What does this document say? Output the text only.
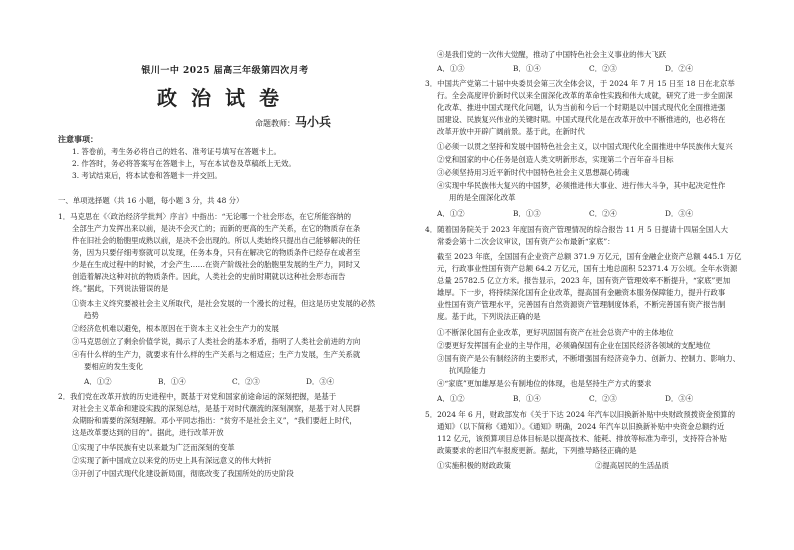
银川一中 2025 届高三年级第四次月考
政治试卷
命题教师：马小兵
注意事项：
1. 答卷前，考生务必将自己的姓名、准考证号填写在答题卡上。
2. 作答时，务必将答案写在答题卡上，写在本试卷及草稿纸上无效。
3. 考试结束后，将本试卷和答题卡一并交回。
一、单项选择题（共 16 小题，每小题 3 分，共 48 分）
1．马克思在《〈政治经济学批判〉序言》中指出：“无论哪一个社会形态，在它所能容纳的
全部生产力发挥出来以前，是决不会灭亡的；而新的更高的生产关系，在它的物质存在条
件在旧社会的胎胞里成熟以前，是决不会出现的。所以人类始终只提出自己能够解决的任
务，因为只要仔细考察就可以发现，任务本身，只有在解决它的物质条件已经存在或者至
少是在生成过程中的时候，才会产生……在资产阶级社会的胎胞里发展的生产力，同时又
创造着解决这种对抗的物质条件。因此，人类社会的史前时期就以这种社会形态而告
终。”据此，下列说法错误的是
①资本主义终究要被社会主义所取代，是社会发展的一个漫长的过程，但这是历史发展的必然
趋势
②经济危机难以避免，根本原因在于资本主义社会生产力的发展
③马克思创立了剩余价值学说，揭示了人类社会的基本矛盾，指明了人类社会前进的方向
④有什么样的生产力，就要求有什么样的生产关系与之相适应；生产力发展，生产关系就
要相应的发生变化
A．①②	B．①④	C．②③	D．③④
2．我们党在改革开放的历史进程中，既基于对党和国家前途命运的深刻把握，是基于
对社会主义革命和建设实践的深刻总结，是基于对时代潮流的深刻洞察，是基于对人民群
众期盼和需要的深刻理解。邓小平同志指出：“贫穷不是社会主义”，“我们要赶上时代，
这是改革要达到的目的”。据此，进行改革开放
①实现了中华民族有史以来最为广泛而深刻的变革
②实现了新中国成立以来党的历史上具有深远意义的伟大转折
③开创了中国式现代化建设新局面，彻底改变了我国所处的历史阶段
④是我们党的一次伟大觉醒，推动了中国特色社会主义事业的伟大飞跃
A．①③	B．①④	C．②③	D．②④
3．中国共产党第二十届中央委员会第三次全体会议，于 2024 年 7 月 15 日至 18 日在北京举
行。全会高度评价新时代以来全面深化改革的革命性实践和伟大成就，研究了进一步全面深
化改革、推进中国式现代化问题，认为当前和今后一个时期是以中国式现代化全面推进强
国建设、民族复兴伟业的关键时期。中国式现代化是在改革开放中不断推进的，也必将在
改革开放中开辟广阔前景。基于此，在新时代
①必须一以贯之坚持和发展中国特色社会主义，以中国式现代化全面推进中华民族伟大复兴
②党和国家的中心任务是创造人类文明新形态，实现第二个百年奋斗目标
③必须坚持用习近平新时代中国特色社会主义思想凝心铸魂
④实现中华民族伟大复兴的中国梦，必须推进伟大事业、进行伟大斗争，其中起决定性作
用的是全面深化改革
A．①②	B．①③	C．②④	D．③④
4．随着国务院关于 2023 年度国有资产管理情况的综合报告 11 月 5 日提请十四届全国人大
常委会第十二次会议审议，国有资产公布最新“家底”：
截至 2023 年底，全国国有企业资产总额 371.9 万亿元，国有金融企业资产总额 445.1 万亿
元，行政事业性国有资产总额 64.2 万亿元，国有土地总面积 52371.4 万公顷。全年水资源
总量 25782.5 亿立方米。报告显示，2023 年，国有资产管理效率不断提升，“家底”更加
雄厚。下一步，将持续深化国有企业改革，提高国有金融资本服务保障能力，提升行政事
业性国有资产管理水平，完善国有自然资源资产管理制度体系，不断完善国有资产报告制
度。基于此，下列说法正确的是
①不断深化国有企业改革，更好巩固国有资产在社会总资产中的主体地位
②要更好发挥国有企业的主导作用，必须确保国有企业在国民经济各领域的支配地位
③国有资产是公有制经济的主要形式，不断增强国有经济竞争力、创新力、控制力、影响力、
抗风险能力
④“家底”更加雄厚是公有制地位的体现，也是坚持生产方式的要求
A．①②	B．①④	C．②③	D．③④
5．2024 年 6 月，财政部发布《关于下达 2024 年汽车以旧换新补贴中央财政预拨资金预算的
通知》（以下简称《通知》）。《通知》明确，2024 年汽车以旧换新补贴中央资金总额约近
112 亿元，该预算项目总体目标是以提高技术、能耗、排放等标准为牵引，支持符合补贴
政策要求的老旧汽车报废更新。据此，下列推导路径正确的是
①实施积极的财政政策	②提高居民的生活品质
